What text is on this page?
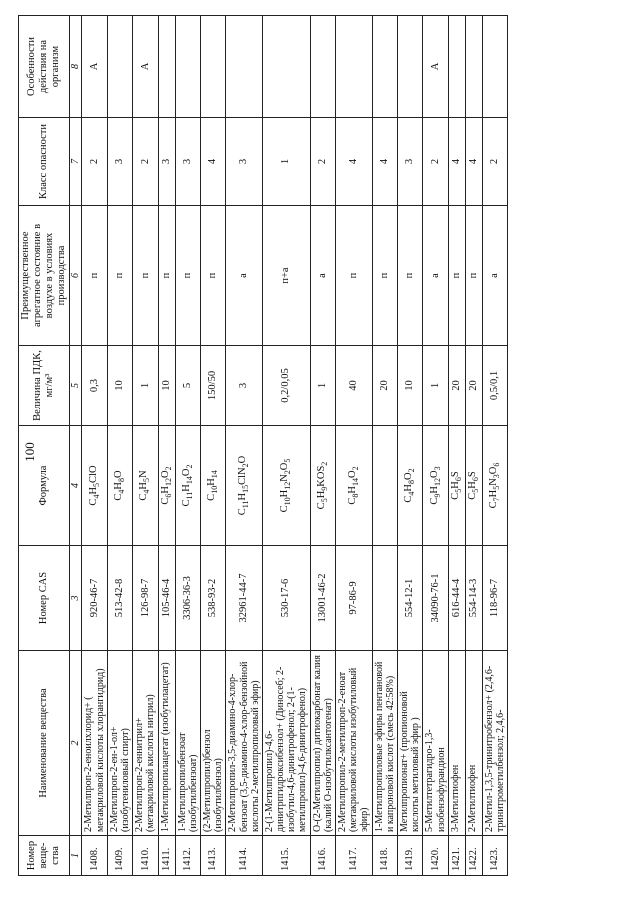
100
Номер веще-ства	Наименование вещества	Номер CAS	Формула	Величина ПДК, мг/м³	Преимущественное агрегатное состояние в воздухе в условиях производства	Класс опасности	Особенности действия на организм
1	2	3	4	5	6	7	8
1408.	2-Метилпроп-2-еноилхлорид+ ( метакриловой кислоты хлорангидрид)	920-46-7	$C_4H_5ClO$	0,3	п	2	А
1409.	2-Метилпроп-2-ен-1-ол+ (изобутениловый спирт)	513-42-8	$C_4H_8O$	10	п	3	
1410.	2-Метилпроп-2-еннитрил+ (метакриловой кислоты нитрил)	126-98-7	$C_4H_5N$	1	п	2	А
1411.	1-Метилпропилацетат (изобутилацетат)	105-46-4	$C_6H_{12}O_2$	10	п	3	
1412.	1-Метилпропилбензоат (изобутилбензоат)	3306-36-3	$C_{11}H_{14}O_2$	5	п	3	
1413.	(2-Метилпропил)бензол (изобутилбензол)	538-93-2	$C_{10}H_{14}$	150/50	п	4	
1414.	2-Метилпропил-3,5-диамино-4-хлор-бензоат (3,5-диамино-4-хлор-бензойной кислоты 2-метилпропиловый эфир)	32961-44-7	$C_{11}H_{15}ClN_2O$	3	а	3	
1415.	2-(1-Метилпропил)-4,6-динитрпгидроксибензол+ (Диносеб; 2-изобутил-4,6-динитрофенол; 2-(1-метилпропил)-4,6-динитрофенол)	530-17-6	$C_{10}H_{12}N_2O_5$	0,2/0,05	п+а	1	
1416.	О-(2-Метилпропил) дитиокарбонат калия (калий О-изобутилксантогенат)	13001-46-2	$C_5H_9KOS_2$	1	а	2	
1417.	2-Метилпропил-2-метилпроп-2-еноат (метакриловой кислоты изобутиловый эфир)	97-86-9	$C_8H_{14}O_2$	40	п	4	
1418.	1-Метилпропиловые эфиры пентановой и капроновой кислот (смесь 42:58%)			20	п	4	
1419.	Метилпропионат+ (пропионовой кислоты метиловый эфир )	554-12-1	$C_4H_8O_2$	10	п	3	
1420.	5-Метилтетрагидро-1,3-изобензофурандион	34090-76-1	$C_9H_{12}O_3$	1	а	2	А
1421.	3-Метилтиофен	616-44-4	$C_5H_6S$	20	п	4	
1422.	2-Метилтиофен	554-14-3	$C_5H_6S$	20	п	4	
1423.	2-Метил-1,3,5-тринитробензол+ (2,4,6-тринитрометилбензол; 2,4,6-	118-96-7	$C_7H_5N_3O_6$	0,5/0,1	а	2	
